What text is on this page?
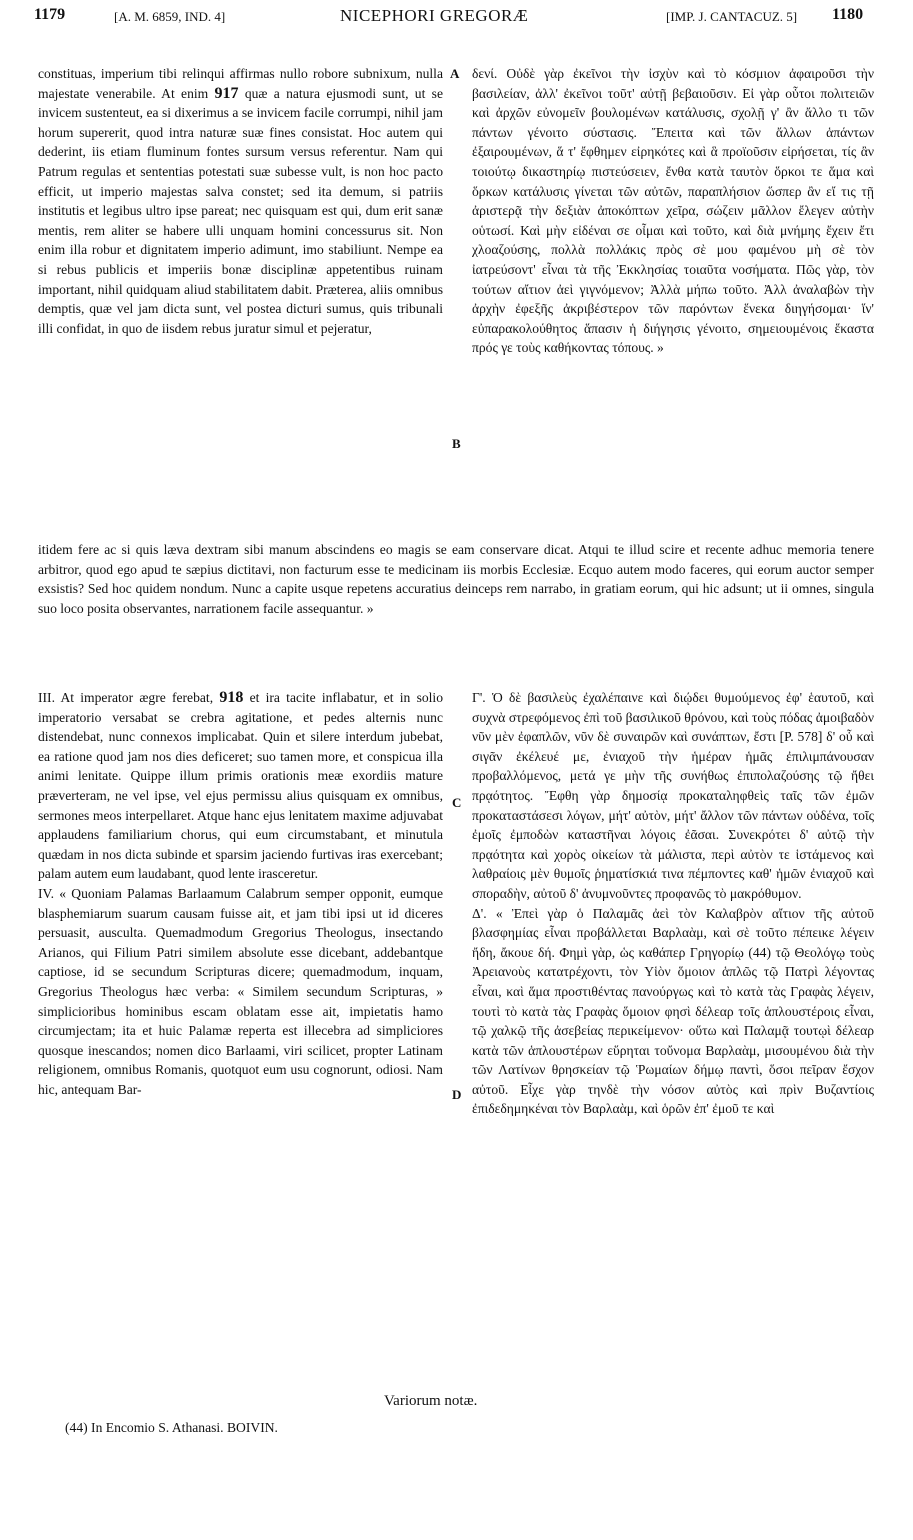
1179	[A. M. 6859, IND. 4]	NICEPHORI GREGORÆ	[IMP. J. CANTACUZ. 5] 1180
A
B
C
D

constituas, imperium tibi relinqui affirmas nullo robore subnixum, nulla majestate venerabile. At enim 917 quæ a natura ejusmodi sunt, ut se invicem sustenteut, ea si dixerimus a se invicem facile corrumpi, nihil jam horum supererit, quod intra naturæ suæ fines consistat. Hoc autem qui dederint, iis etiam fluminum fontes sursum versus referentur. Nam qui Patrum regulas et sententias potestati suæ subesse vult, is non hoc pacto efficit, ut imperio majestas salva constet; sed ita demum, si patriis institutis et legibus ultro ipse pareat; nec quisquam est qui, dum erit sanæ mentis, rem aliter se habere ulli unquam homini concessurus sit. Non enim illa robur et dignitatem imperio adimunt, imo stabiliunt. Nempe ea si rebus publicis et imperiis bonæ disciplinæ appetentibus ruinam important, nihil quidquam aliud stabilitatem dabit. Præterea, aliis omnibus demptis, quæ vel jam dicta sunt, vel postea dicturi sumus, quis tribunali illi confidat, in quo de iisdem rebus juratur simul et pejeratur,

δενί. Οὐδὲ γὰρ ἐκεῖνοι τὴν ἰσχὺν καὶ τὸ κόσμιον ἀφαιροῦσι τὴν βασιλείαν, ἀλλ' ἐκεῖνοι τοῦτ' αὐτῇ βεβαιοῦσιν. Εἰ γὰρ οὗτοι πολιτειῶν καὶ ἀρχῶν εὐνομεῖν βουλομένων κατάλυσις, σχολῇ γ' ἂν ἄλλο τι τῶν πάντων γένοιτο σύστασις. Ἔπειτα καὶ τῶν ἄλλων ἁπάντων ἐξαιρουμένων, ἅ τ' ἔφθημεν εἰρηκότες καὶ ἃ προϊοῦσιν εἰρήσεται, τίς ἂν τοιούτῳ δικαστηρίῳ πιστεύσειεν, ἔνθα κατὰ ταυτὸν ὅρκοι τε ἅμα καὶ ὅρκων κατάλυσις γίνεται τῶν αὐτῶν, παραπλήσιον ὥσπερ ἂν εἴ τις τῇ ἀριστερᾷ τὴν δεξιὰν ἀποκόπτων χεῖρα, σώζειν μᾶλλον ἔλεγεν αὐτὴν οὑτωσί. Καὶ μὴν εἰδέναι σε οἶμαι καὶ τοῦτο, καὶ διὰ μνήμης ἔχειν ἔτι χλοαζούσης, πολλὰ πολλάκις πρὸς σὲ μου φαμένου μὴ σὲ τὸν ἰατρεύσοντ' εἶναι τὰ τῆς Ἐκκλησίας τοιαῦτα νοσήματα. Πῶς γὰρ, τὸν τούτων αἴτιον ἀεὶ γιγνόμενον; Ἀλλὰ μήπω τοῦτο. Ἀλλ ἀναλαβὼν τὴν ἀρχὴν ἐφεξῆς ἀκριβέστερον τῶν παρόντων ἕνεκα διηγήσομαι· ἵν' εὐπαρακολούθητος ἅπασιν ἡ διήγησις γένοιτο, σημειουμένοις ἕκαστα πρός γε τοὺς καθήκοντας τόπους. »

itidem fere ac si quis læva dextram sibi manum abscindens eo magis se eam conservare dicat. Atqui te illud scire et recente adhuc memoria tenere arbitror, quod ego apud te sæpius dictitavi, non facturum esse te medicinam iis morbis Ecclesiæ. Ecquo autem modo faceres, qui eorum auctor semper exsistis? Sed hoc quidem nondum. Nunc a capite usque repetens accuratius deinceps rem narrabo, in gratiam eorum, qui hic adsunt; ut ii omnes, singula suo loco posita observantes, narrationem facile assequantur. »

III. At imperator ægre ferebat, 918 et ira tacite inflabatur, et in solio imperatorio versabat se crebra agitatione, et pedes alternis nunc distendebat, nunc connexos implicabat. Quin et silere interdum jubebat, ea ratione quod jam nos dies deficeret; suo tamen more, et conspicua illa animi lenitate. Quippe illum primis orationis meæ exordiis mature præverteram, ne vel ipse, vel ejus permissu alius quisquam ex omnibus, sermones meos interpellaret. Atque hanc ejus lenitatem maxime adjuvabat applaudens familiarium chorus, qui eum circumstabant, et minutula quædam in nos dicta subinde et sparsim jaciendo furtivas iras exercebant; palam autem eum laudabant, quod lente irasceretur.

IV. « Quoniam Palamas Barlaamum Calabrum semper opponit, eumque blasphemiarum suarum causam fuisse ait, et jam tibi ipsi ut id diceres persuasit, ausculta. Quemadmodum Gregorius Theologus, insectando Arianos, qui Filium Patri similem absolute esse dicebant, addebantque captiose, id se secundum Scripturas dicere; quemadmodum, inquam, Gregorius Theologus hæc verba: « Similem secundum Scripturas, » simplicioribus hominibus escam oblatam esse ait, impietatis hamo circumjectam; ita et huic Palamæ reperta est illecebra ad simpliciores quosque inescandos; nomen dico Barlaami, viri scilicet, propter Latinam religionem, omnibus Romanis, quotquot eum usu cognorunt, odiosi. Nam hic, antequam Bar-

Γ'. Ὁ δὲ βασιλεὺς ἐχαλέπαινε καὶ διῴδει θυμούμενος ἐφ' ἑαυτοῦ, καὶ συχνὰ στρεφόμενος ἐπὶ τοῦ βασιλικοῦ θρόνου, καὶ τοὺς πόδας ἀμοιβαδὸν νῦν μὲν ἐφαπλῶν, νῦν δὲ συναιρῶν καὶ συνάπτων, ἔστι [P. 578] δ' οὗ καὶ σιγᾶν ἐκέλευέ με, ἐνιαχοῦ τὴν ἡμέραν ἡμᾶς ἐπιλιμπάνουσαν προβαλλόμενος, μετά γε μὴν τῆς συνήθως ἐπιπολαζούσης τῷ ἤθει πρᾳότητος. Ἔφθη γὰρ δημοσίᾳ προκαταληφθεὶς ταῖς τῶν ἐμῶν προκαταστάσεσι λόγων, μήτ' αὐτὸν, μήτ' ἄλλον τῶν πάντων οὐδένα, τοῖς ἐμοῖς ἐμποδὼν καταστῆναι λόγοις ἐᾶσαι. Συνεκρότει δ' αὐτῷ τὴν πρᾳότητα καὶ χορὸς οἰκείων τὰ μάλιστα, περὶ αὐτὸν τε ἱστάμενος καὶ λαθραίοις μὲν θυμοῖς ῥηματίσκιά τινα πέμποντες καθ' ἡμῶν ἐνιαχοῦ καὶ σποραδὴν, αὐτοῦ δ' ἀνυμνοῦντες προφανῶς τὸ μακρόθυμον.

Δ'. « Ἐπεὶ γὰρ ὁ Παλαμᾶς ἀεὶ τὸν Καλαβρὸν αἴτιον τῆς αὐτοῦ βλασφημίας εἶναι προβάλλεται Βαρλαὰμ, καὶ σὲ τοῦτο πέπεικε λέγειν ἤδη, ἄκουε δή. Φημὶ γὰρ, ὡς καθάπερ Γρηγορίῳ (44) τῷ Θεολόγῳ τοὺς Ἀρειανοὺς κατατρέχοντι, τὸν Υἱὸν ὅμοιον ἁπλῶς τῷ Πατρὶ λέγοντας εἶναι, καὶ ἅμα προστιθέντας πανούργως καὶ τὸ κατὰ τὰς Γραφὰς λέγειν, τουτὶ τὸ κατὰ τὰς Γραφὰς ὅμοιον φησὶ δέλεαρ τοῖς ἁπλουστέροις εἶναι, τῷ χαλκῷ τῆς ἀσεβείας περικείμενον· οὕτω καὶ Παλαμᾷ τουτῳὶ δέλεαρ κατὰ τῶν ἁπλουστέρων εὕρηται τοὔνομα Βαρλαὰμ, μισουμένου διὰ τὴν τῶν Λατίνων θρησκείαν τῷ Ῥωμαίων δήμῳ παντὶ, ὅσοι πεῖραν ἔσχον αὐτοῦ. Εἶχε γὰρ τηνδὲ τὴν νόσον αὐτὸς καὶ πρὶν Βυζαντίοις ἐπιδεδημηκέναι τὸν Βαρλαὰμ, καὶ ὁρῶν ἐπ' ἐμοῦ τε καὶ

Variorum notæ.
(44) In Encomio S. Athanasi. BOIVIN.
